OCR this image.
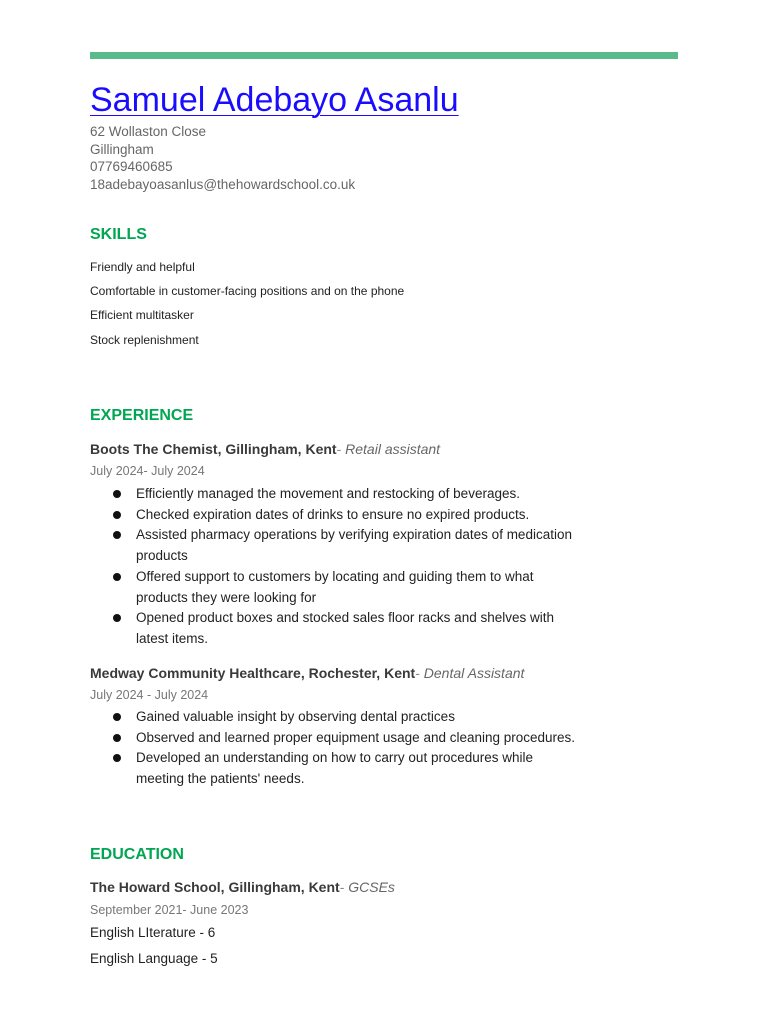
Samuel Adebayo Asanlu
62 Wollaston Close
Gillingham
07769460685
18adebayoasanlus@thehowardschool.co.uk
SKILLS
Friendly and helpful
Comfortable in customer-facing positions and on the phone
Efficient multitasker
Stock replenishment
EXPERIENCE
Boots The Chemist, Gillingham, Kent- Retail assistant
July 2024- July 2024
Efficiently managed the movement and restocking of beverages.
Checked expiration dates of drinks to ensure no expired products.
Assisted pharmacy operations by verifying expiration dates of medication products
Offered support to customers by locating and guiding them to what products they were looking for
Opened product boxes and stocked sales floor racks and shelves with latest items.
Medway Community Healthcare, Rochester, Kent- Dental Assistant
July 2024 - July 2024
Gained valuable insight by observing dental practices
Observed and learned proper equipment usage and cleaning procedures.
Developed an understanding on how to carry out procedures while meeting the patients' needs.
EDUCATION
The Howard School, Gillingham, Kent- GCSEs
September 2021- June 2023
English LIterature - 6
English Language - 5
